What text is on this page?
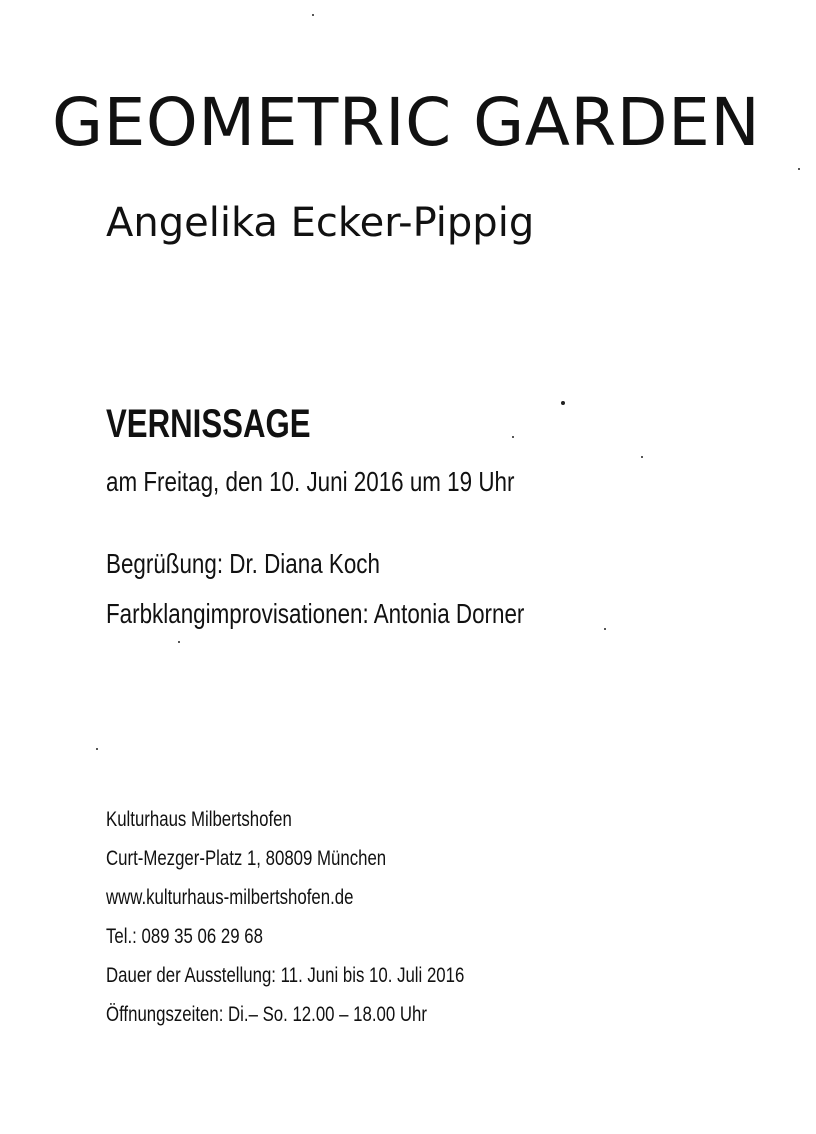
GEOMETRIC GARDEN
Angelika Ecker-Pippig
VERNISSAGE
am Freitag, den 10. Juni 2016 um 19 Uhr
Begrüßung: Dr. Diana Koch
Farbklangimprovisationen: Antonia Dorner
Kulturhaus Milbertshofen
Curt-Mezger-Platz 1, 80809 München
www.kulturhaus-milbertshofen.de
Tel.: 089 35 06 29 68
Dauer der Ausstellung: 11. Juni bis 10. Juli 2016
Öffnungszeiten: Di.– So. 12.00 – 18.00 Uhr
